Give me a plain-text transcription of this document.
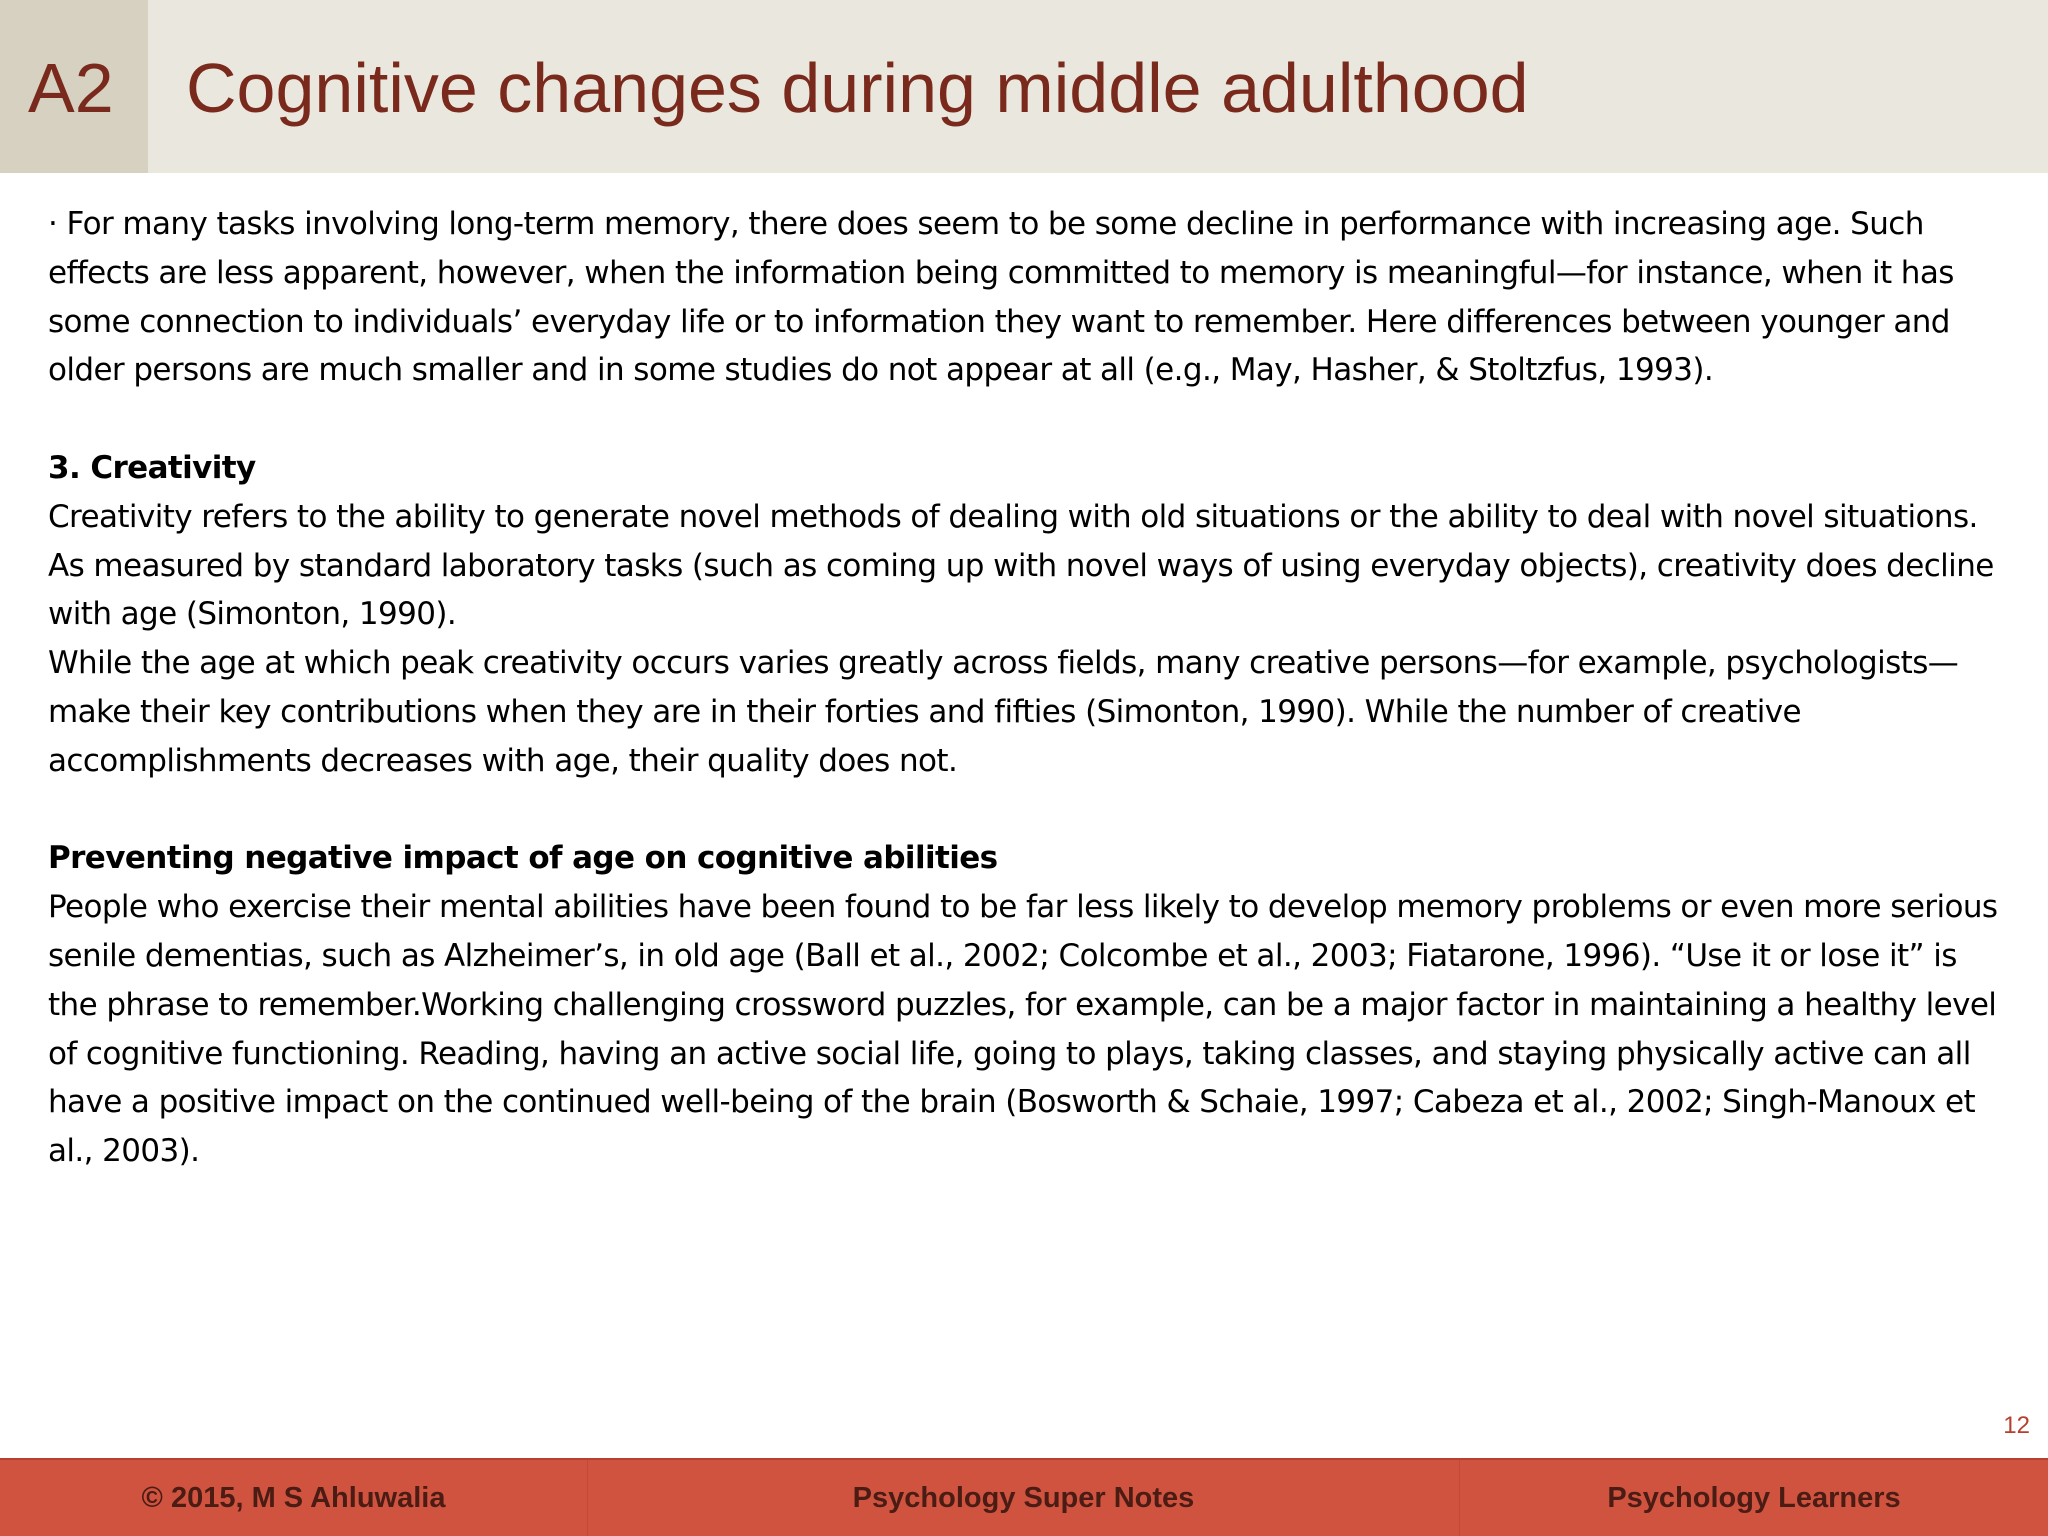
A2 Cognitive changes during middle adulthood

· For many tasks involving long-term memory, there does seem to be some decline in performance with increasing age. Such effects are less apparent, however, when the information being committed to memory is meaningful—for instance, when it has some connection to individuals’ everyday life or to information they want to remember. Here differences between younger and older persons are much smaller and in some studies do not appear at all (e.g., May, Hasher, & Stoltzfus, 1993).

3. Creativity

Creativity refers to the ability to generate novel methods of dealing with old situations or the ability to deal with novel situations.

As measured by standard laboratory tasks (such as coming up with novel ways of using everyday objects), creativity does decline with age (Simonton, 1990).

While the age at which peak creativity occurs varies greatly across fields, many creative persons—for example, psychologists—make their key contributions when they are in their forties and fifties (Simonton, 1990). While the number of creative accomplishments decreases with age, their quality does not.

Preventing negative impact of age on cognitive abilities

People who exercise their mental abilities have been found to be far less likely to develop memory problems or even more serious senile dementias, such as Alzheimer’s, in old age (Ball et al., 2002; Colcombe et al., 2003; Fiatarone, 1996). “Use it or lose it” is the phrase to remember.Working challenging crossword puzzles, for example, can be a major factor in maintaining a healthy level of cognitive functioning. Reading, having an active social life, going to plays, taking classes, and staying physically active can all have a positive impact on the continued well-being of the brain (Bosworth & Schaie, 1997; Cabeza et al., 2002; Singh-Manoux et al., 2003).

12
© 2015, M S Ahluwalia	Psychology Super Notes	Psychology Learners
